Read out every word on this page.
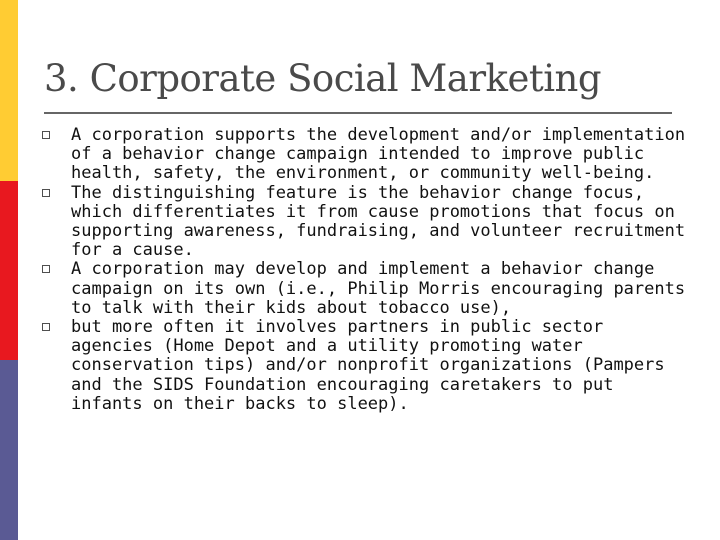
3. Corporate Social Marketing
A corporation supports the development and/or implementation of a behavior change campaign intended to improve public health, safety, the environment, or community well-being.
The distinguishing feature is the behavior change focus, which differentiates it from cause promotions that focus on supporting awareness, fundraising, and volunteer recruitment for a cause.
A corporation may develop and implement a behavior change campaign on its own (i.e., Philip Morris encouraging parents to talk with their kids about tobacco use),
but more often it involves partners in public sector agencies (Home Depot and a utility promoting water conservation tips) and/or nonprofit organizations (Pampers and the SIDS Foundation encouraging caretakers to put infants on their backs to sleep).
